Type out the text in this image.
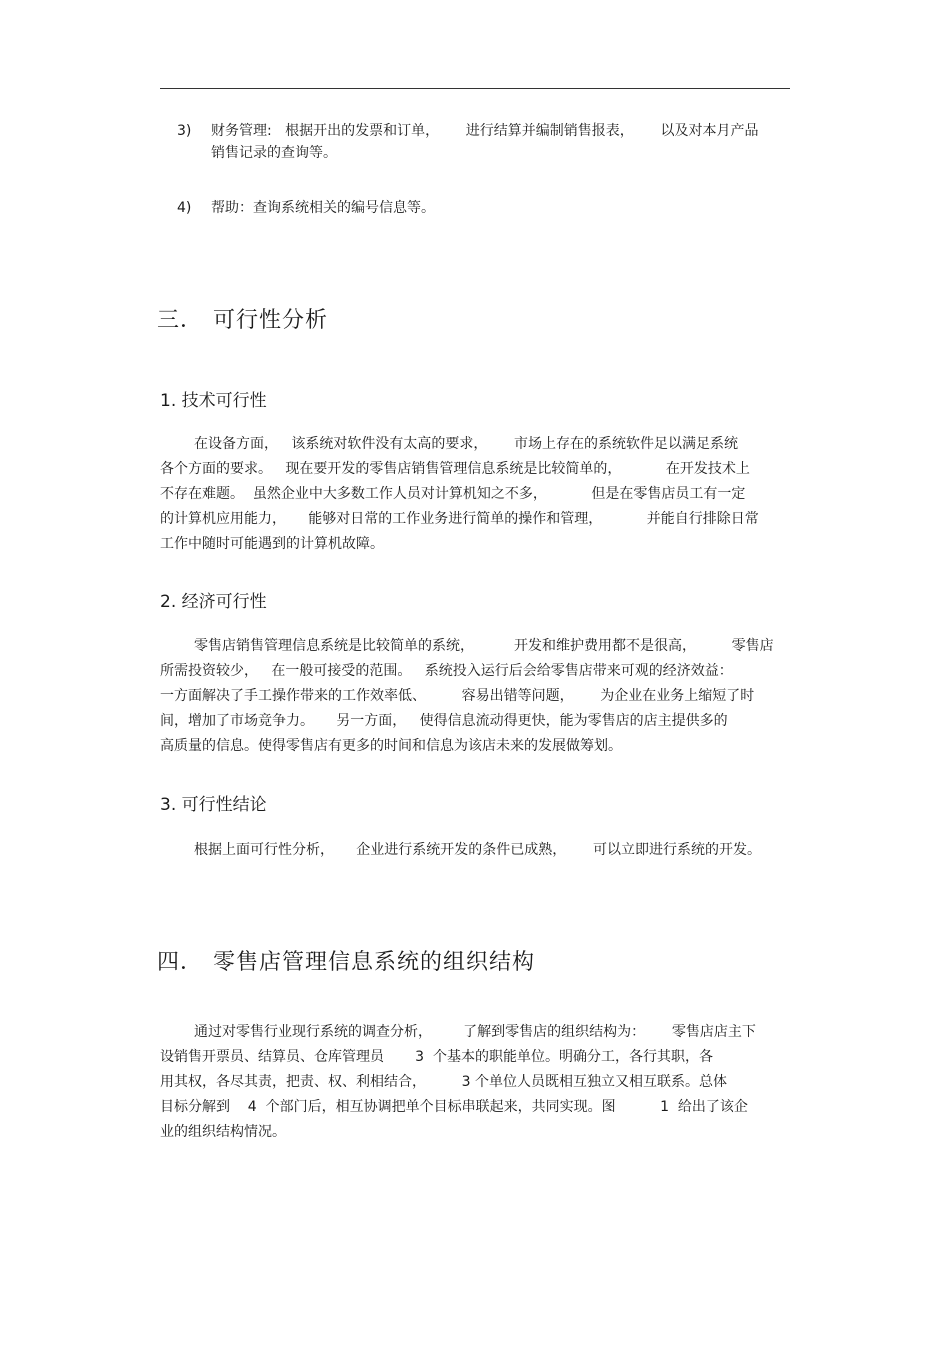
3) 财务管理:   根据开出的发票和订单，      进行结算并编制销售报表，      以及对本月产品
销售记录的查询等。
4) 帮助：查询系统相关的编号信息等。
三． 可行性分析
1. 技术可行性
在设备方面，   该系统对软件没有太高的要求，      市场上存在的系统软件足以满足系统
各个方面的要求。   现在要开发的零售店销售管理信息系统是比较简单的，          在开发技术上
不存在难题。  虽然企业中大多数工作人员对计算机知之不多，          但是在零售店员工有一定
的计算机应用能力，     能够对日常的工作业务进行简单的操作和管理，          并能自行排除日常
工作中随时可能遇到的计算机故障。
2. 经济可行性
零售店销售管理信息系统是比较简单的系统，         开发和维护费用都不是很高，        零售店
所需投资较少，   在一般可接受的范围。   系统投入运行后会给零售店带来可观的经济效益：
一方面解决了手工操作带来的工作效率低、        容易出错等问题，      为企业在业务上缩短了时
间，增加了市场竞争力。     另一方面，   使得信息流动得更快，能为零售店的店主提供多的
高质量的信息。使得零售店有更多的时间和信息为该店未来的发展做筹划。
3. 可行性结论
根据上面可行性分析，     企业进行系统开发的条件已成熟，      可以立即进行系统的开发。
四． 零售店管理信息系统的组织结构
通过对零售行业现行系统的调查分析，       了解到零售店的组织结构为：      零售店店主下
设销售开票员、结算员、仓库管理员       3  个基本的职能单位。明确分工，各行其职，各
用其权，各尽其责，把责、权、利相结合，        3 个单位人员既相互独立又相互联系。总体
目标分解到    4  个部门后，相互协调把单个目标串联起来，共同实现。图          1  给出了该企
业的组织结构情况。
